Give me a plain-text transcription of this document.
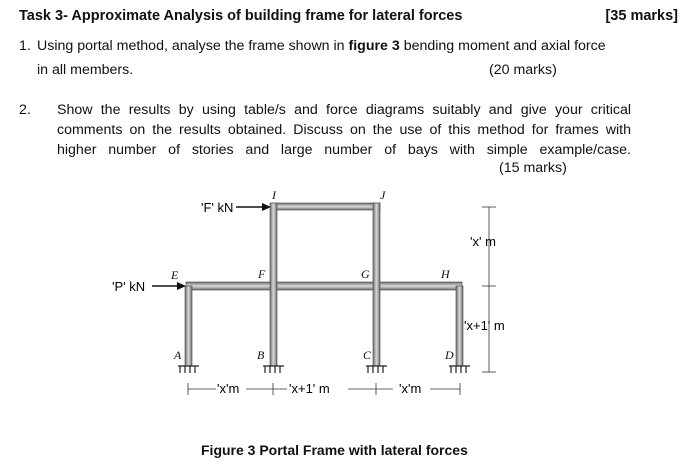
Task 3- Approximate Analysis of building frame for lateral forces	[35 marks]
1. Using portal method, analyse the frame shown in figure 3 bending moment and axial force
in all members.	(20 marks)
2. Show the results by using table/s and force diagrams suitably and give your critical comments on the results obtained. Discuss on the use of this method for frames with higher number of stories and large number of bays with simple example/case.
(15 marks)
'F' kN
'P' kN
A	B	C	D
E	F	G	H
I	J
'x' m
'x+1' m
'x'm	'x+1' m	'x'm
Figure 3 Portal Frame with lateral forces
